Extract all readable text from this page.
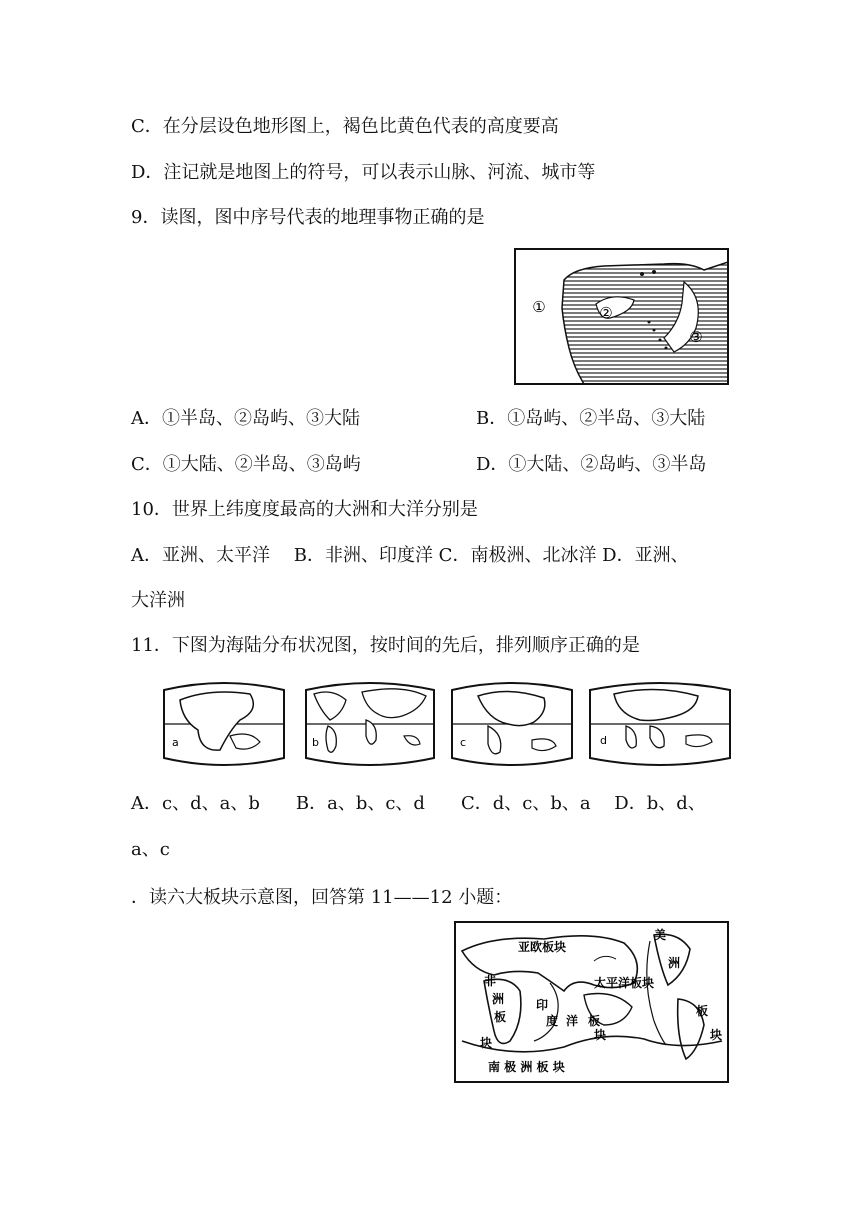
C．在分层设色地形图上，褐色比黄色代表的高度要高
D．注记就是地图上的符号，可以表示山脉、河流、城市等
9．读图，图中序号代表的地理事物正确的是
①	②
③
A．①半岛、②岛屿、③大陆	B．①岛屿、②半岛、③大陆
C．①大陆、②半岛、③岛屿	D．①大陆、②岛屿、③半岛
10．世界上纬度度最高的大洲和大洋分别是
A．亚洲、太平洋　 B．非洲、印度洋 C．南极洲、北冰洋 D．亚洲、
大洋洲
11．下图为海陆分布状况图，按时间的先后，排列顺序正确的是
a	b	c	d
A．c、d、a、b　　B．a、b、c、d　　C．d、c、b、a　 D．b、d、
a、c
．读六大板块示意图，回答第 11——12 小题：
亚欧板块
太平洋板块
非
洲
板
块
印
度 洋 板
块
美
洲
板
块
南 极 洲 板 块
